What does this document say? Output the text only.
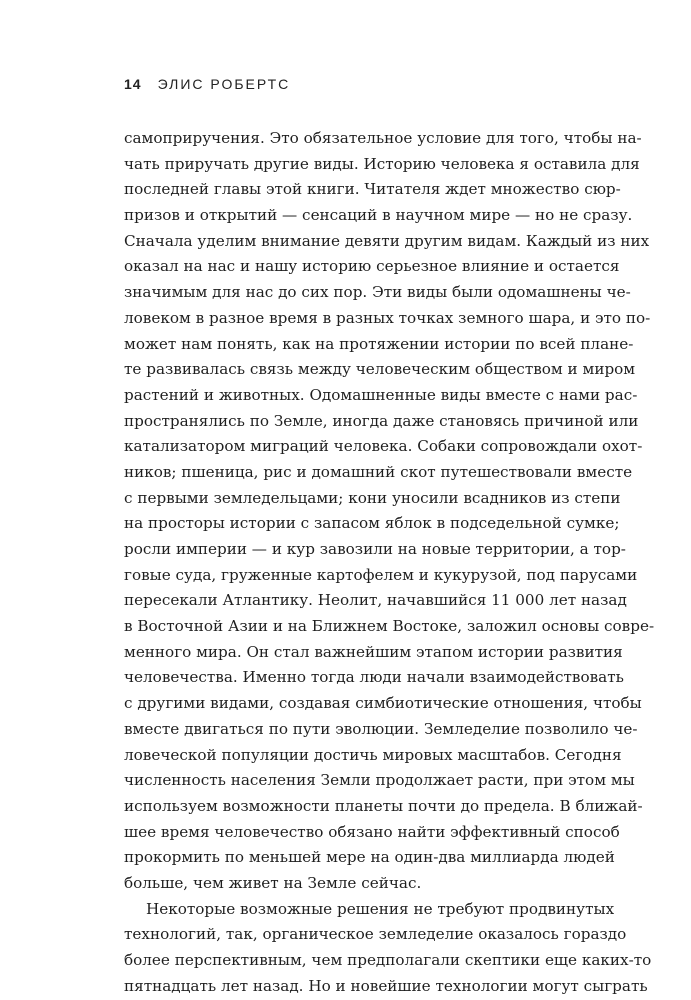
14 ЭЛИС РОБЕРТС
самоприручения. Это обязательное условие для того, чтобы на-
чать приручать другие виды. Историю человека я оставила для
последней главы этой книги. Читателя ждет множество сюр-
призов и открытий — сенсаций в научном мире — но не сразу.
Сначала уделим внимание девяти другим видам. Каждый из них
оказал на нас и нашу историю серьезное влияние и остается
значимым для нас до сих пор. Эти виды были одомашнены че-
ловеком в разное время в разных точках земного шара, и это по-
может нам понять, как на протяжении истории по всей плане-
те развивалась связь между человеческим обществом и миром
растений и животных. Одомашненные виды вместе с нами рас-
пространялись по Земле, иногда даже становясь причиной или
катализатором миграций человека. Собаки сопровождали охот-
ников; пшеница, рис и домашний скот путешествовали вместе
с первыми земледельцами; кони уносили всадников из степи
на просторы истории с запасом яблок в подседельной сумке;
росли империи — и кур завозили на новые территории, а тор-
говые суда, груженные картофелем и кукурузой, под парусами
пересекали Атлантику. Неолит, начавшийся 11 000 лет назад
в Восточной Азии и на Ближнем Востоке, заложил основы совре-
менного мира. Он стал важнейшим этапом истории развития
человечества. Именно тогда люди начали взаимодействовать
с другими видами, создавая симбиотические отношения, чтобы
вместе двигаться по пути эволюции. Земледелие позволило че-
ловеческой популяции достичь мировых масштабов. Сегодня
численность населения Земли продолжает расти, при этом мы
используем возможности планеты почти до предела. В ближай-
шее время человечество обязано найти эффективный способ
прокормить по меньшей мере на один-два миллиарда людей
больше, чем живет на Земле сейчас.
Некоторые возможные решения не требуют продвинутых
технологий, так, органическое земледелие оказалось гораздо
более перспективным, чем предполагали скептики еще каких-то
пятнадцать лет назад. Но и новейшие технологии могут сыграть
